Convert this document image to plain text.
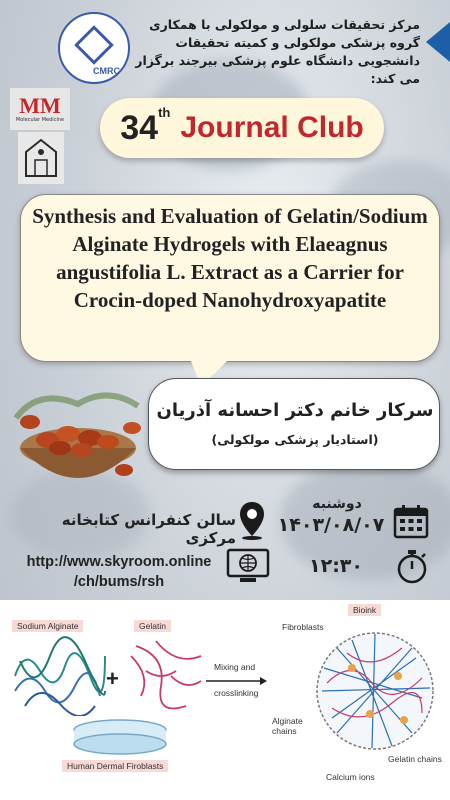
CMRC
مرکز تحقیقات سلولی و مولکولی با همکاری گروه پزشکی مولکولی و کمیته تحقیقات دانشجویی دانشگاه علوم پزشکی بیرجند برگزار می کند:
MM
Molecular Medicine 34 th Journal Club
Synthesis and Evaluation of Gelatin/Sodium Alginate Hydrogels with Elaeagnus angustifolia L. Extract as a Carrier for Crocin-doped Nanohydroxyapatite
سرکار خانم دکتر احسانه آذریان
(استادیار پزشکی مولکولی)
سالن کنفرانس کتابخانه مرکزی
دوشنبه
۱۴۰۳/۰۸/۰۷
http://www.skyroom.online
/ch/bums/rsh
۱۲:۳۰
Sodium Alginate	Gelatin
+
Human Dermal Firoblasts
Mixing and
crosslinking
Bioink
Fibroblasts
Alginate chains
Gelatin chains
Calcium ions
